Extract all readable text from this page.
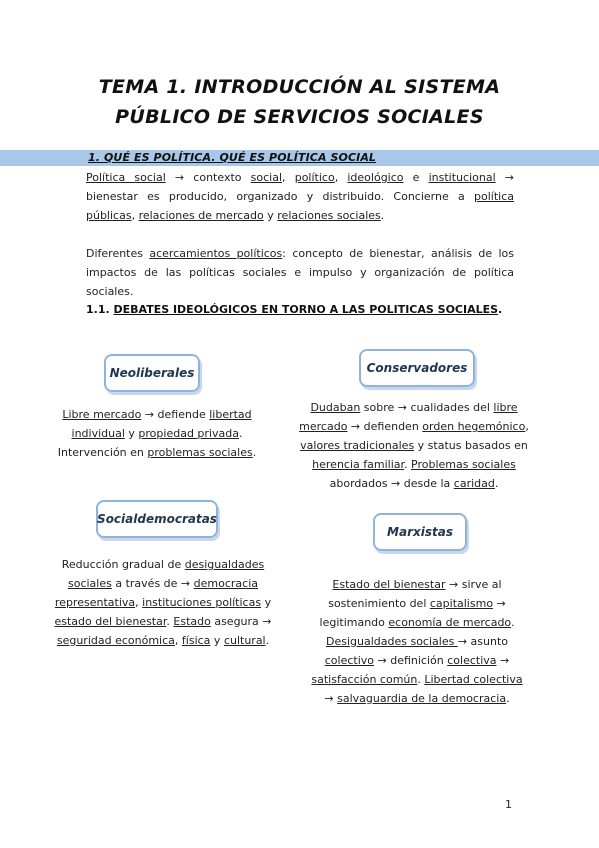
TEMA 1. INTRODUCCIÓN AL SISTEMA
PÚBLICO DE SERVICIOS SOCIALES
1. QUÉ ES POLÍTICA. QUÉ ES POLÍTICA SOCIAL
Política social → contexto social, político, ideológico e institucional → bienestar es producido, organizado y distribuido. Concierne a política públicas, relaciones de mercado y relaciones sociales.
Diferentes acercamientos políticos: concepto de bienestar, análisis de los impactos de las políticas sociales e impulso y organización de política sociales.
1.1. DEBATES IDEOLÓGICOS EN TORNO A LAS POLITICAS SOCIALES.
Neoliberales
Libre mercado → defiende libertad individual y propiedad privada. Intervención en problemas sociales.
Conservadores
Dudaban sobre → cualidades del libre mercado → defienden orden hegemónico, valores tradicionales y status basados en herencia familiar. Problemas sociales abordados → desde la caridad.
Socialdemocratas
Reducción gradual de desigualdades sociales a través de → democracia representativa, instituciones políticas y estado del bienestar. Estado asegura → seguridad económica, física y cultural.
Marxistas
Estado del bienestar → sirve al sostenimiento del capitalismo → legitimando economía de mercado. Desigualdades sociales → asunto colectivo → definición colectiva → satisfacción común. Libertad colectiva → salvaguardia de la democracia.
1
